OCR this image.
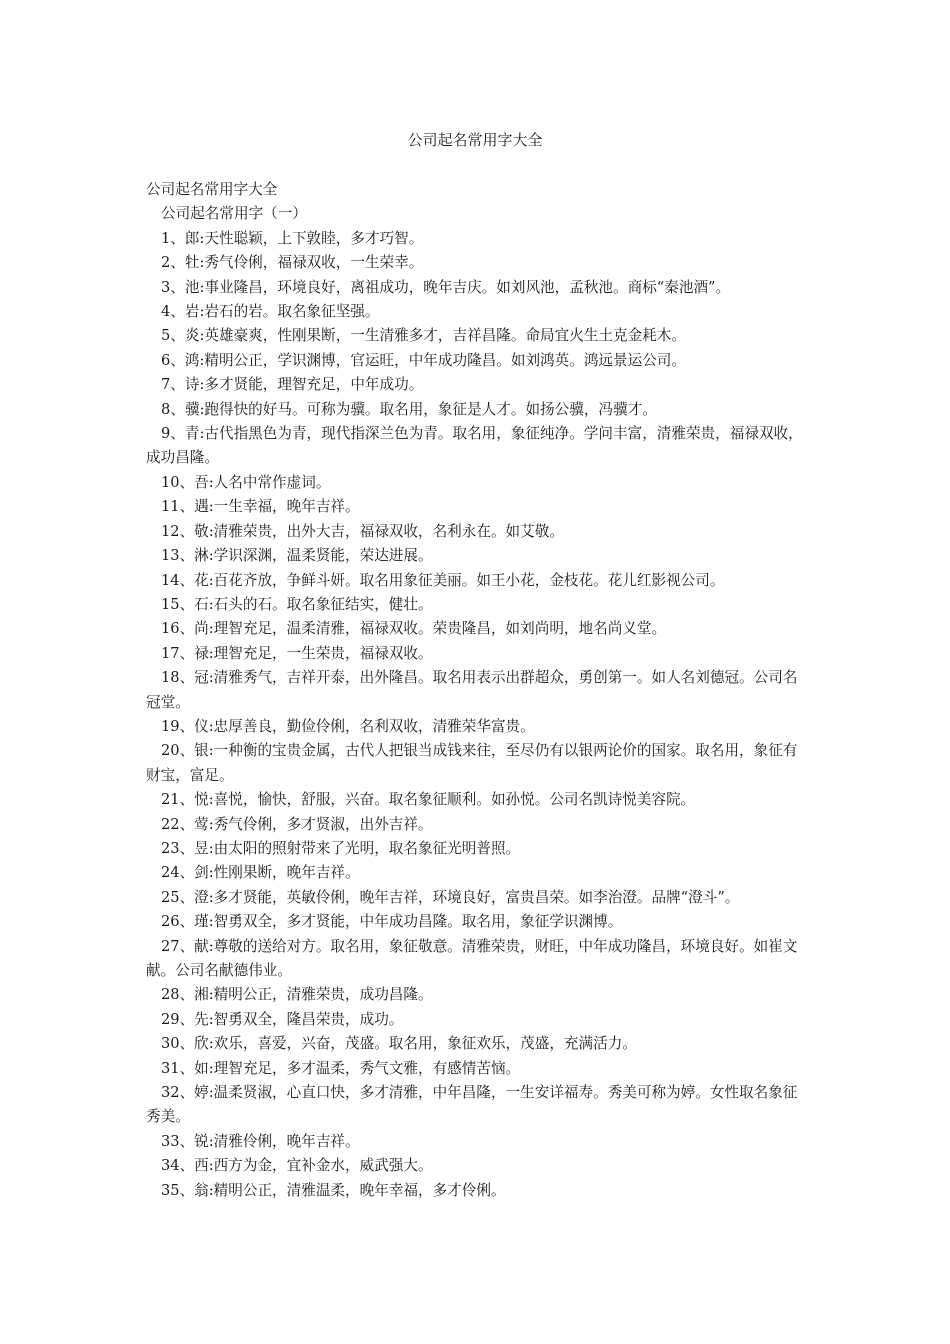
公司起名常用字大全

公司起名常用字大全

公司起名常用字（一）

1、郎:天性聪颖，上下敦睦，多才巧智。

2、牡:秀气伶俐，福禄双收，一生荣幸。

3、池:事业隆昌，环境良好，离祖成功，晚年吉庆。如刘风池，孟秋池。商标“秦池酒”。

4、岩:岩石的岩。取名象征坚强。

5、炎:英雄豪爽，性刚果断，一生清雅多才，吉祥昌隆。命局宜火生土克金耗木。

6、鸿:精明公正，学识渊博，官运旺，中年成功隆昌。如刘鸿英。鸿远景运公司。

7、诗:多才贤能，理智充足，中年成功。

8、骥:跑得快的好马。可称为骥。取名用，象征是人才。如扬公骥，冯骥才。

9、青:古代指黑色为青，现代指深兰色为青。取名用，象征纯净。学问丰富，清雅荣贵，福禄双收，成功昌隆。

10、吾:人名中常作虚词。

11、遇:一生幸福，晚年吉祥。

12、敬:清雅荣贵，出外大吉，福禄双收，名利永在。如艾敬。

13、淋:学识深渊，温柔贤能，荣达进展。

14、花:百花齐放，争鲜斗妍。取名用象征美丽。如王小花，金枝花。花儿红影视公司。

15、石:石头的石。取名象征结实，健壮。

16、尚:理智充足，温柔清雅，福禄双收。荣贵隆昌，如刘尚明，地名尚义堂。

17、禄:理智充足，一生荣贵，福禄双收。

18、冠:清雅秀气，吉祥开泰，出外隆昌。取名用表示出群超众，勇创第一。如人名刘德冠。公司名冠堂。

19、仪:忠厚善良，勤俭伶俐，名利双收，清雅荣华富贵。

20、银:一种衡的宝贵金属，古代人把银当成钱来往，至尽仍有以银两论价的国家。取名用，象征有财宝，富足。

21、悦:喜悦，愉快，舒服，兴奋。取名象征顺利。如孙悦。公司名凯诗悦美容院。

22、莺:秀气伶俐，多才贤淑，出外吉祥。

23、昱:由太阳的照射带来了光明，取名象征光明普照。

24、剑:性刚果断，晚年吉祥。

25、澄:多才贤能，英敏伶俐，晚年吉祥，环境良好，富贵昌荣。如李治澄。品牌“澄斗”。

26、瑾:智勇双全，多才贤能，中年成功昌隆。取名用，象征学识渊博。

27、献:尊敬的送给对方。取名用，象征敬意。清雅荣贵，财旺，中年成功隆昌，环境良好。如崔文献。公司名献德伟业。

28、湘:精明公正，清雅荣贵，成功昌隆。

29、先:智勇双全，隆昌荣贵，成功。

30、欣:欢乐，喜爱，兴奋，茂盛。取名用，象征欢乐，茂盛，充满活力。

31、如:理智充足，多才温柔，秀气文雅，有感情苦恼。

32、婷:温柔贤淑，心直口快，多才清雅，中年昌隆，一生安详福寿。秀美可称为婷。女性取名象征秀美。

33、锐:清雅伶俐，晚年吉祥。

34、西:西方为金，宜补金水，威武强大。

35、翁:精明公正，清雅温柔，晚年幸福，多才伶俐。
